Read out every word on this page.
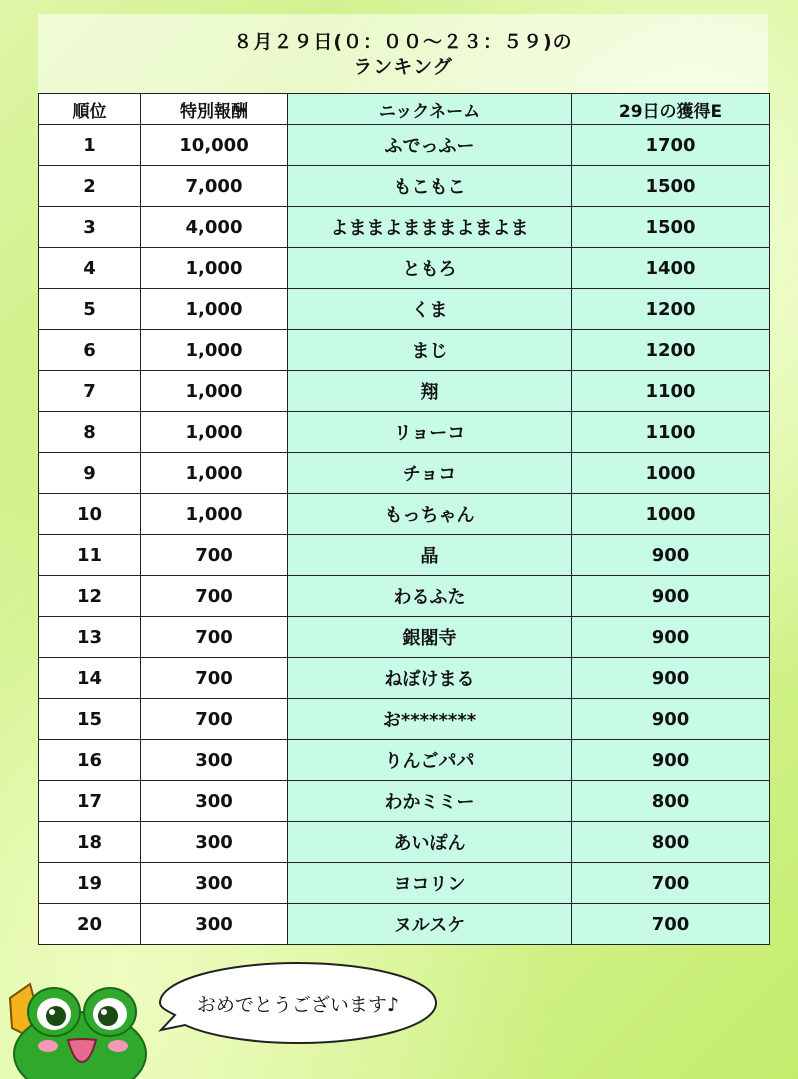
８月２９日(０：００〜２３：５９)の
ランキング
順位	特別報酬	ニックネーム	29日の獲得E
1	10,000	ふでっふー	1700
2	7,000	もこもこ	1500
3	4,000	よままよまままよまよま	1500
4	1,000	ともろ	1400
5	1,000	くま	1200
6	1,000	まじ	1200
7	1,000	翔	1100
8	1,000	リョーコ	1100
9	1,000	チョコ	1000
10	1,000	もっちゃん	1000
11	700	晶	900
12	700	わるふた	900
13	700	銀閣寺	900
14	700	ねぼけまる	900
15	700	お********	900
16	300	りんごパパ	900
17	300	わかミミー	800
18	300	あいぽん	800
19	300	ヨコリン	700
20	300	ヌルスケ	700
おめでとうございます♪
